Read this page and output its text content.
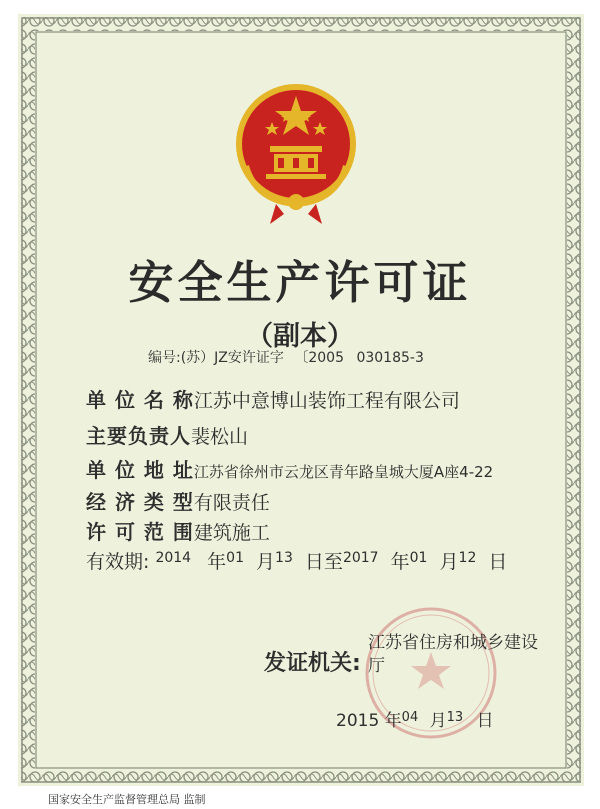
安全生产许可证
（副本）
编号:(苏）JZ安许证字 〔2005 030185-3
单 位 名 称江苏中意博山装饰工程有限公司
主要负责人裴松山
单 位 地 址江苏省徐州市云龙区青年路皇城大厦A座4-22
经 济 类 型有限责任
许 可 范 围建筑施工
有效期: $^{2014}$ 年$^{01}$ 月$^{13}$ 日至$^{2017}$ 年$^{01}$ 月$^{12}$ 日
发证机关:
江苏省住房和城乡建设厅
2015 年$^{04}$ 月$^{13}$ 日
国家安全生产监督管理总局 监制
